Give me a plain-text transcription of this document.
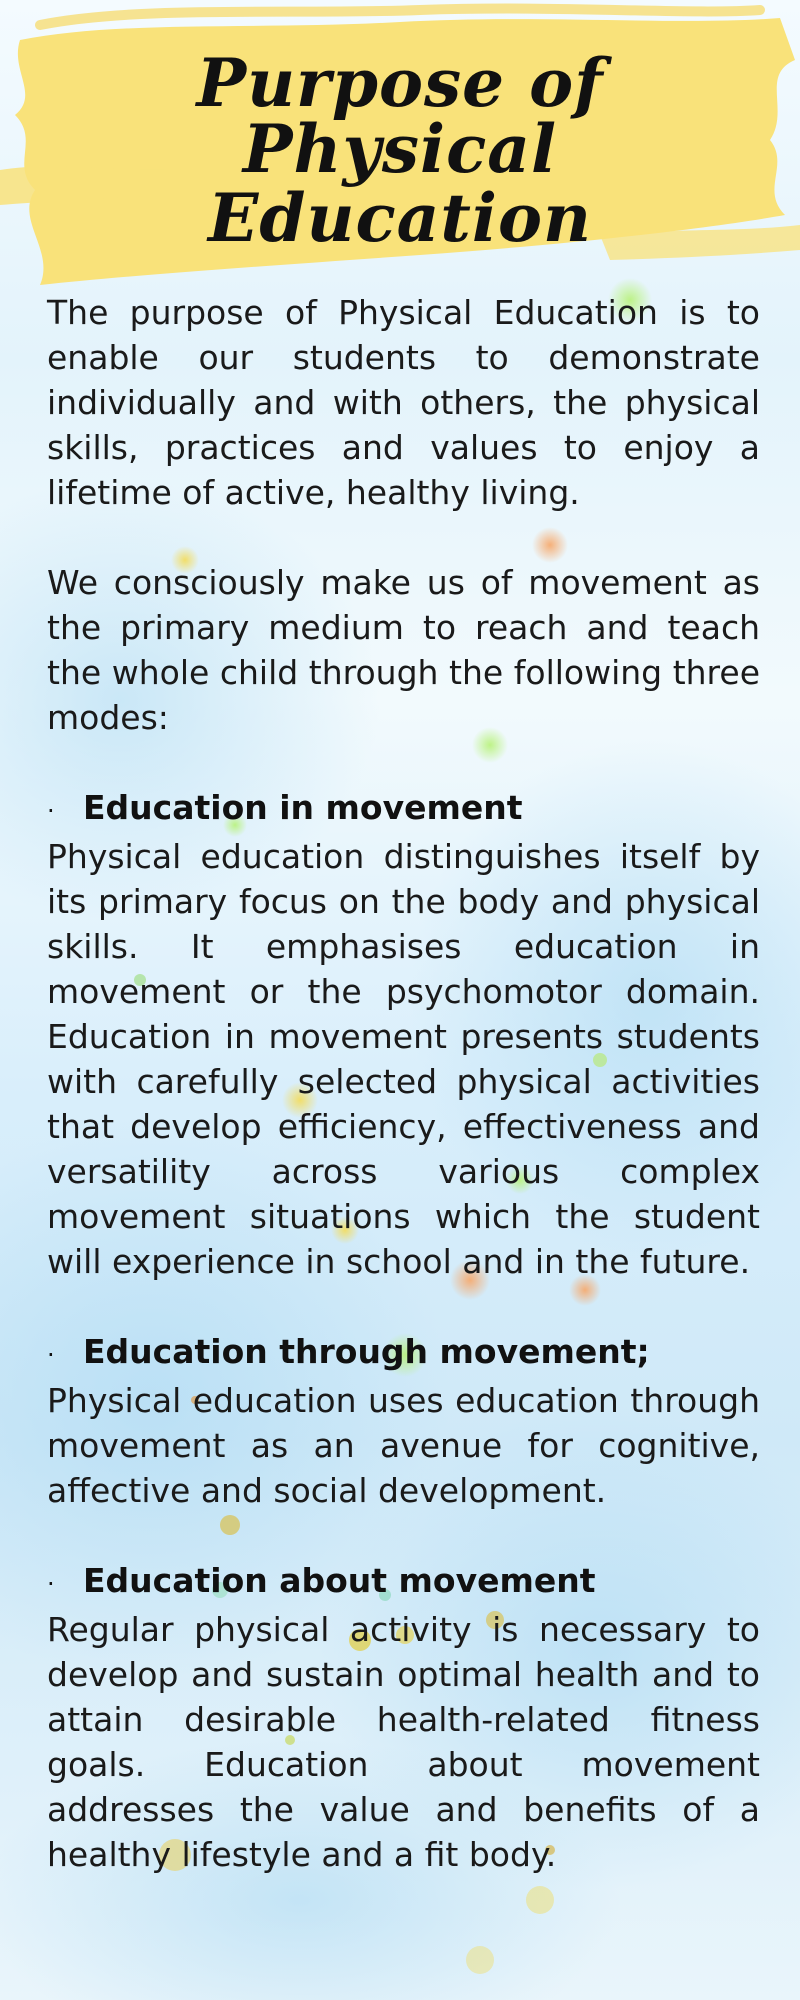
Purpose of Physical
Education

The purpose of Physical Education is to enable our students to demonstrate individually and with others, the physical skills, practices and values to enjoy a lifetime of active, healthy living.

We consciously make us of movement as the primary medium to reach and teach the whole child through the following three modes:

· Education in movement

Physical education distinguishes itself by its primary focus on the body and physical skills. It emphasises education in movement or the psychomotor domain. Education in movement presents students with carefully selected physical activities that develop efficiency, effectiveness and versatility across various complex movement situations which the student will experience in school and in the future.

· Education through movement;

Physical education uses education through movement as an avenue for cognitive, affective and social development.

· Education about movement

Regular physical activity is necessary to develop and sustain optimal health and to attain desirable health-related fitness goals. Education about movement addresses the value and benefits of a healthy lifestyle and a fit body.
